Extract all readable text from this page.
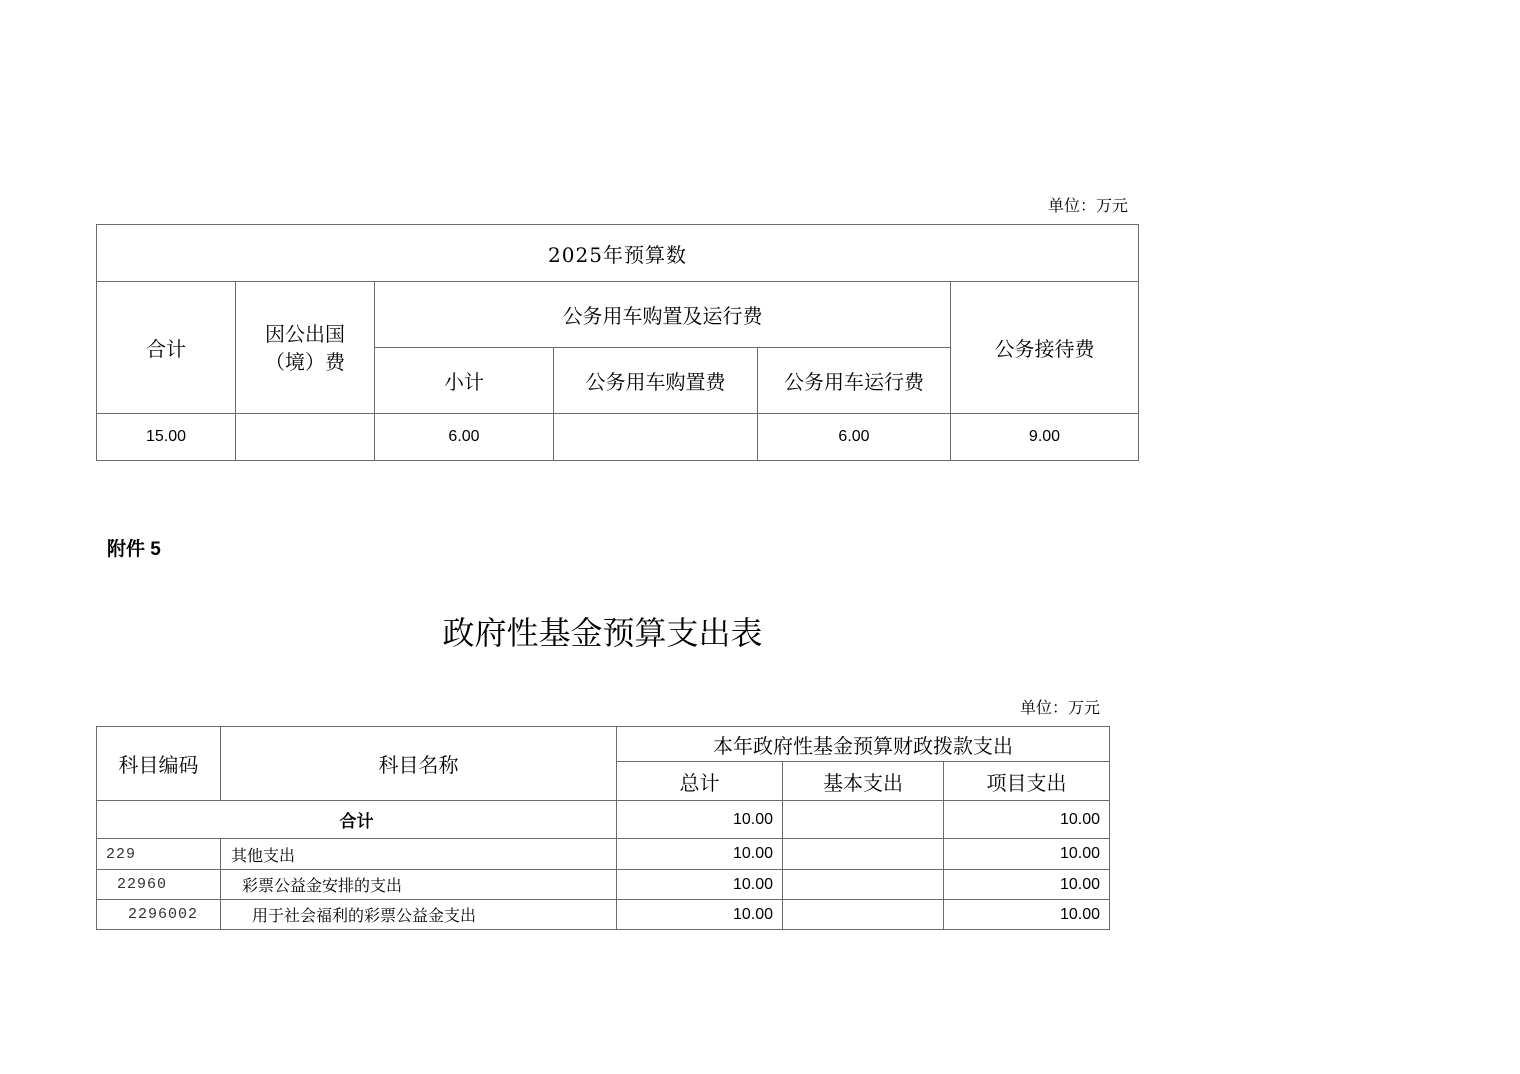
单位：万元
2025年预算数					
合计	因公出国（境）费	公务用车购置及运行费			公务接待费
		小计	公务用车购置费	公务用车运行费	
15.00		6.00		6.00	9.00
附件 5
政府性基金预算支出表
单位：万元
科目编码	科目名称	本年政府性基金预算财政拨款支出		
		总计	基本支出	项目支出
合计		10.00		10.00
229	其他支出	10.00		10.00
22960	彩票公益金安排的支出	10.00		10.00
2296002	用于社会福利的彩票公益金支出	10.00		10.00
